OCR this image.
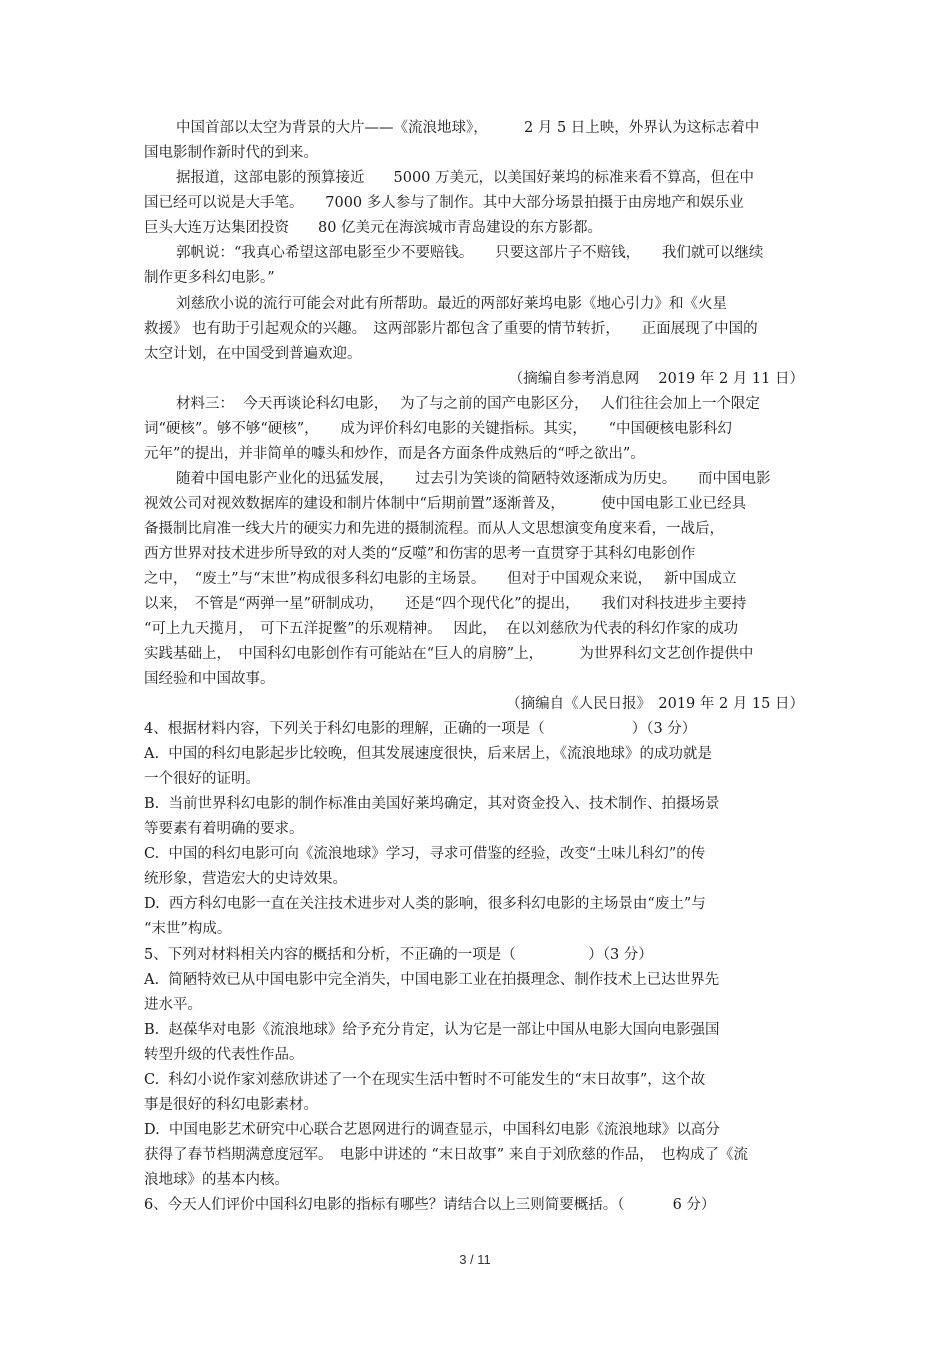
中国首部以太空为背景的大片——《流浪地球》，　　　2 月 5 日上映，外界认为这标志着中
国电影制作新时代的到来。
据报道，这部电影的预算接近　　5000 万美元，以美国好莱坞的标准来看不算高，但在中
国已经可以说是大手笔。　　7000 多人参与了制作。其中大部分场景拍摄于由房地产和娱乐业
巨头大连万达集团投资　　80 亿美元在海滨城市青岛建设的东方影都。
郭帆说：“我真心希望这部电影至少不要赔钱。　　只要这部片子不赔钱，　　我们就可以继续
制作更多科幻电影。”
刘慈欣小说的流行可能会对此有所帮助。最近的两部好莱坞电影《地心引力》和《火星
救援》 也有助于引起观众的兴趣。　这两部影片都包含了重要的情节转折，　　正面展现了中国的
太空计划，在中国受到普遍欢迎。
（摘编自参考消息网　 2019 年 2 月 11 日）
材料三：  今天再谈论科幻电影，　 为了与之前的国产电影区分，　 人们往往会加上一个限定
词“硬核”。够不够“硬核”，　　成为评价科幻电影的关键指标。其实，　　“中国硬核电影科幻
元年”的提出，并非简单的噱头和炒作，而是各方面条件成熟后的“呼之欲出”。
随着中国电影产业化的迅猛发展，　　过去引为笑谈的简陋特效逐渐成为历史。　　而中国电影
视效公司对视效数据库的建设和制片体制中“后期前置”逐渐普及，　　　使中国电影工业已经具
备摄制比肩准一线大片的硬实力和先进的摄制流程。而从人文思想演变角度来看，一战后，
西方世界对技术进步所导致的对人类的“反噬”和伤害的思考一直贯穿于其科幻电影创作
之中，　“废土”与“末世”构成很多科幻电影的主场景。　　但对于中国观众来说，　 新中国成立
以来，　不管是“两弹一星”研制成功，　　还是“四个现代化”的提出，　　我们对科技进步主要持
“可上九天揽月，　可下五洋捉鳖”的乐观精神。　 因此，  在以刘慈欣为代表的科幻作家的成功
实践基础上，　中国科幻电影创作有可能站在“巨人的肩膀”上，　　　为世界科幻文艺创作提供中
国经验和中国故事。
（摘编自《人民日报》　2019 年 2 月 15 日）
4、根据材料内容，下列关于科幻电影的理解，正确的一项是（　　　　　　）（3 分）
A.  中国的科幻电影起步比较晚，但其发展速度很快，后来居上，《流浪地球》的成功就是
一个很好的证明。
B.  当前世界科幻电影的制作标准由美国好莱坞确定，其对资金投入、技术制作、拍摄场景
等要素有着明确的要求。
C.  中国的科幻电影可向《流浪地球》学习，寻求可借鉴的经验，改变“土味儿科幻”的传
统形象，营造宏大的史诗效果。
D.  西方科幻电影一直在关注技术进步对人类的影响，很多科幻电影的主场景由“废土”与
“末世”构成。
5、下列对材料相关内容的概括和分析，不正确的一项是（　　　　　）（3 分）
A.  简陋特效已从中国电影中完全消失，中国电影工业在拍摄理念、制作技术上已达世界先
进水平。
B.  赵葆华对电影《流浪地球》给予充分肯定，认为它是一部让中国从电影大国向电影强国
转型升级的代表性作品。
C.  科幻小说作家刘慈欣讲述了一个在现实生活中暂时不可能发生的“末日故事”，这个故
事是很好的科幻电影素材。
D.  中国电影艺术研究中心联合艺恩网进行的调查显示，中国科幻电影《流浪地球》以高分
获得了春节档期满意度冠军。　电影中讲述的 “末日故事” 来自于刘欣慈的作品，　也构成了《流
浪地球》的基本内核。
6、今天人们评价中国科幻电影的指标有哪些？请结合以上三则简要概括。（　　　 6 分）
3 / 11
